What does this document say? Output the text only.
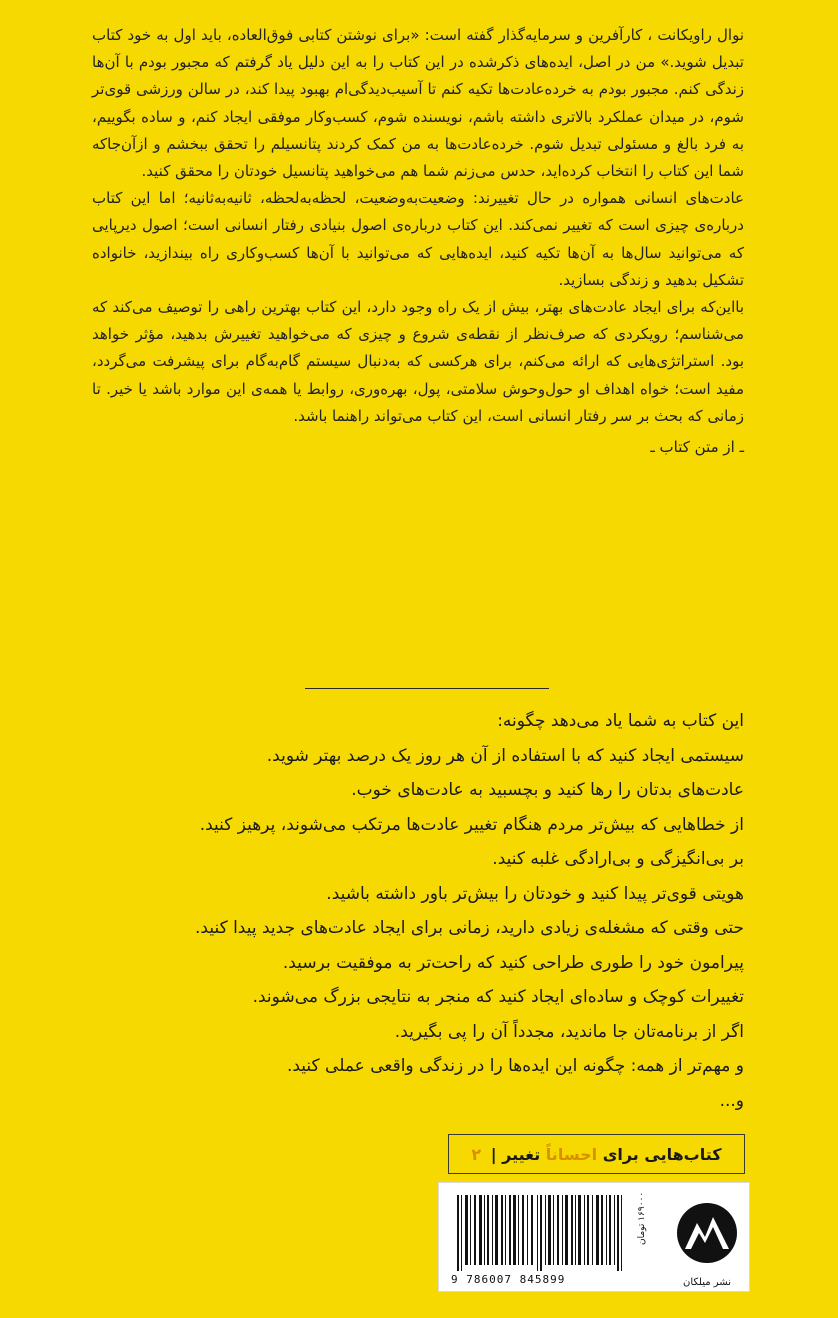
نوال راویکانت ، کارآفرین و سرمایه‌گذار گفته است: «برای نوشتن کتابی فوق‌العاده، باید اول به خود کتاب تبدیل شوید.» من در اصل، ایده‌های ذکرشده در این کتاب را به این دلیل یاد گرفتم که مجبور بودم با آن‌ها زندگی کنم. مجبور بودم به خرده‌عادت‌ها تکیه کنم تا آسیب‌دیدگی‌ام بهبود پیدا کند، در سالن ورزشی قوی‌تر شوم، در میدان عملکرد بالاتری داشته باشم، نویسنده شوم، کسب‌وکار موفقی ایجاد کنم، و ساده بگوییم، به فرد بالغ و مسئولی تبدیل شوم. خرده‌عادت‌ها به من کمک کردند پتانسیلم را تحقق ببخشم و ازآن‌جاکه شما این کتاب را انتخاب کرده‌اید، حدس می‌زنم شما هم می‌خواهید پتانسیل خودتان را محقق کنید.

عادت‌های انسانی همواره در حال تغییرند: وضعیت‌به‌وضعیت، لحظه‌به‌لحظه، ثانیه‌به‌ثانیه؛ اما این کتاب درباره‌ی چیزی است که تغییر نمی‌کند. این کتاب درباره‌ی اصول بنیادی رفتار انسانی است؛ اصول دیرپایی که می‌توانید سال‌ها به آن‌ها تکیه کنید، ایده‌هایی که می‌توانید با آن‌ها کسب‌وکاری راه بیندازید، خانواده تشکیل بدهید و زندگی بسازید.

بااین‌که برای ایجاد عادت‌های بهتر، بیش از یک راه وجود دارد، این کتاب بهترین راهی را توصیف می‌کند که می‌شناسم؛ رویکردی که صرف‌نظر از نقطه‌ی شروع و چیزی که می‌خواهید تغییرش بدهید، مؤثر خواهد بود. استراتژی‌هایی که ارائه می‌کنم، برای هرکسی که به‌دنبال سیستم گام‌به‌گام برای پیشرفت می‌گردد، مفید است؛ خواه اهداف او حول‌وحوش سلامتی، پول، بهره‌وری، روابط یا همه‌ی این موارد باشد یا خیر. تا زمانی که بحث بر سر رفتار انسانی است، این کتاب می‌تواند راهنما باشد.

ـ از متن کتاب ـ

این کتاب به شما یاد می‌دهد چگونه:

سیستمی ایجاد کنید که با استفاده از آن هر روز یک درصد بهتر شوید.

عادت‌های بدتان را رها کنید و بچسبید به عادت‌های خوب.

از خطاهایی که بیش‌تر مردم هنگام تغییر عادت‌ها مرتکب می‌شوند، پرهیز کنید.

بر بی‌انگیزگی و بی‌ارادگی غلبه کنید.

هویتی قوی‌تر پیدا کنید و خودتان را بیش‌تر باور داشته باشید.

حتی وقتی که مشغله‌ی زیادی دارید، زمانی برای ایجاد عادت‌های جدید پیدا کنید.

پیرامون خود را طوری طراحی کنید که راحت‌تر به موفقیت برسید.

تغییرات کوچک و ساده‌ای ایجاد کنید که منجر به نتایجی بزرگ می‌شوند.

اگر از برنامه‌تان جا ماندید، مجدداً آن را پی بگیرید.

و مهم‌تر از همه: چگونه این ایده‌ها را در زندگی واقعی عملی کنید.

و...

کتاب‌هایی برای

احساناً

تغییر
|
۲
9 786007 845899
۱۶۹۰۰۰ تومان
نشر میلکان
